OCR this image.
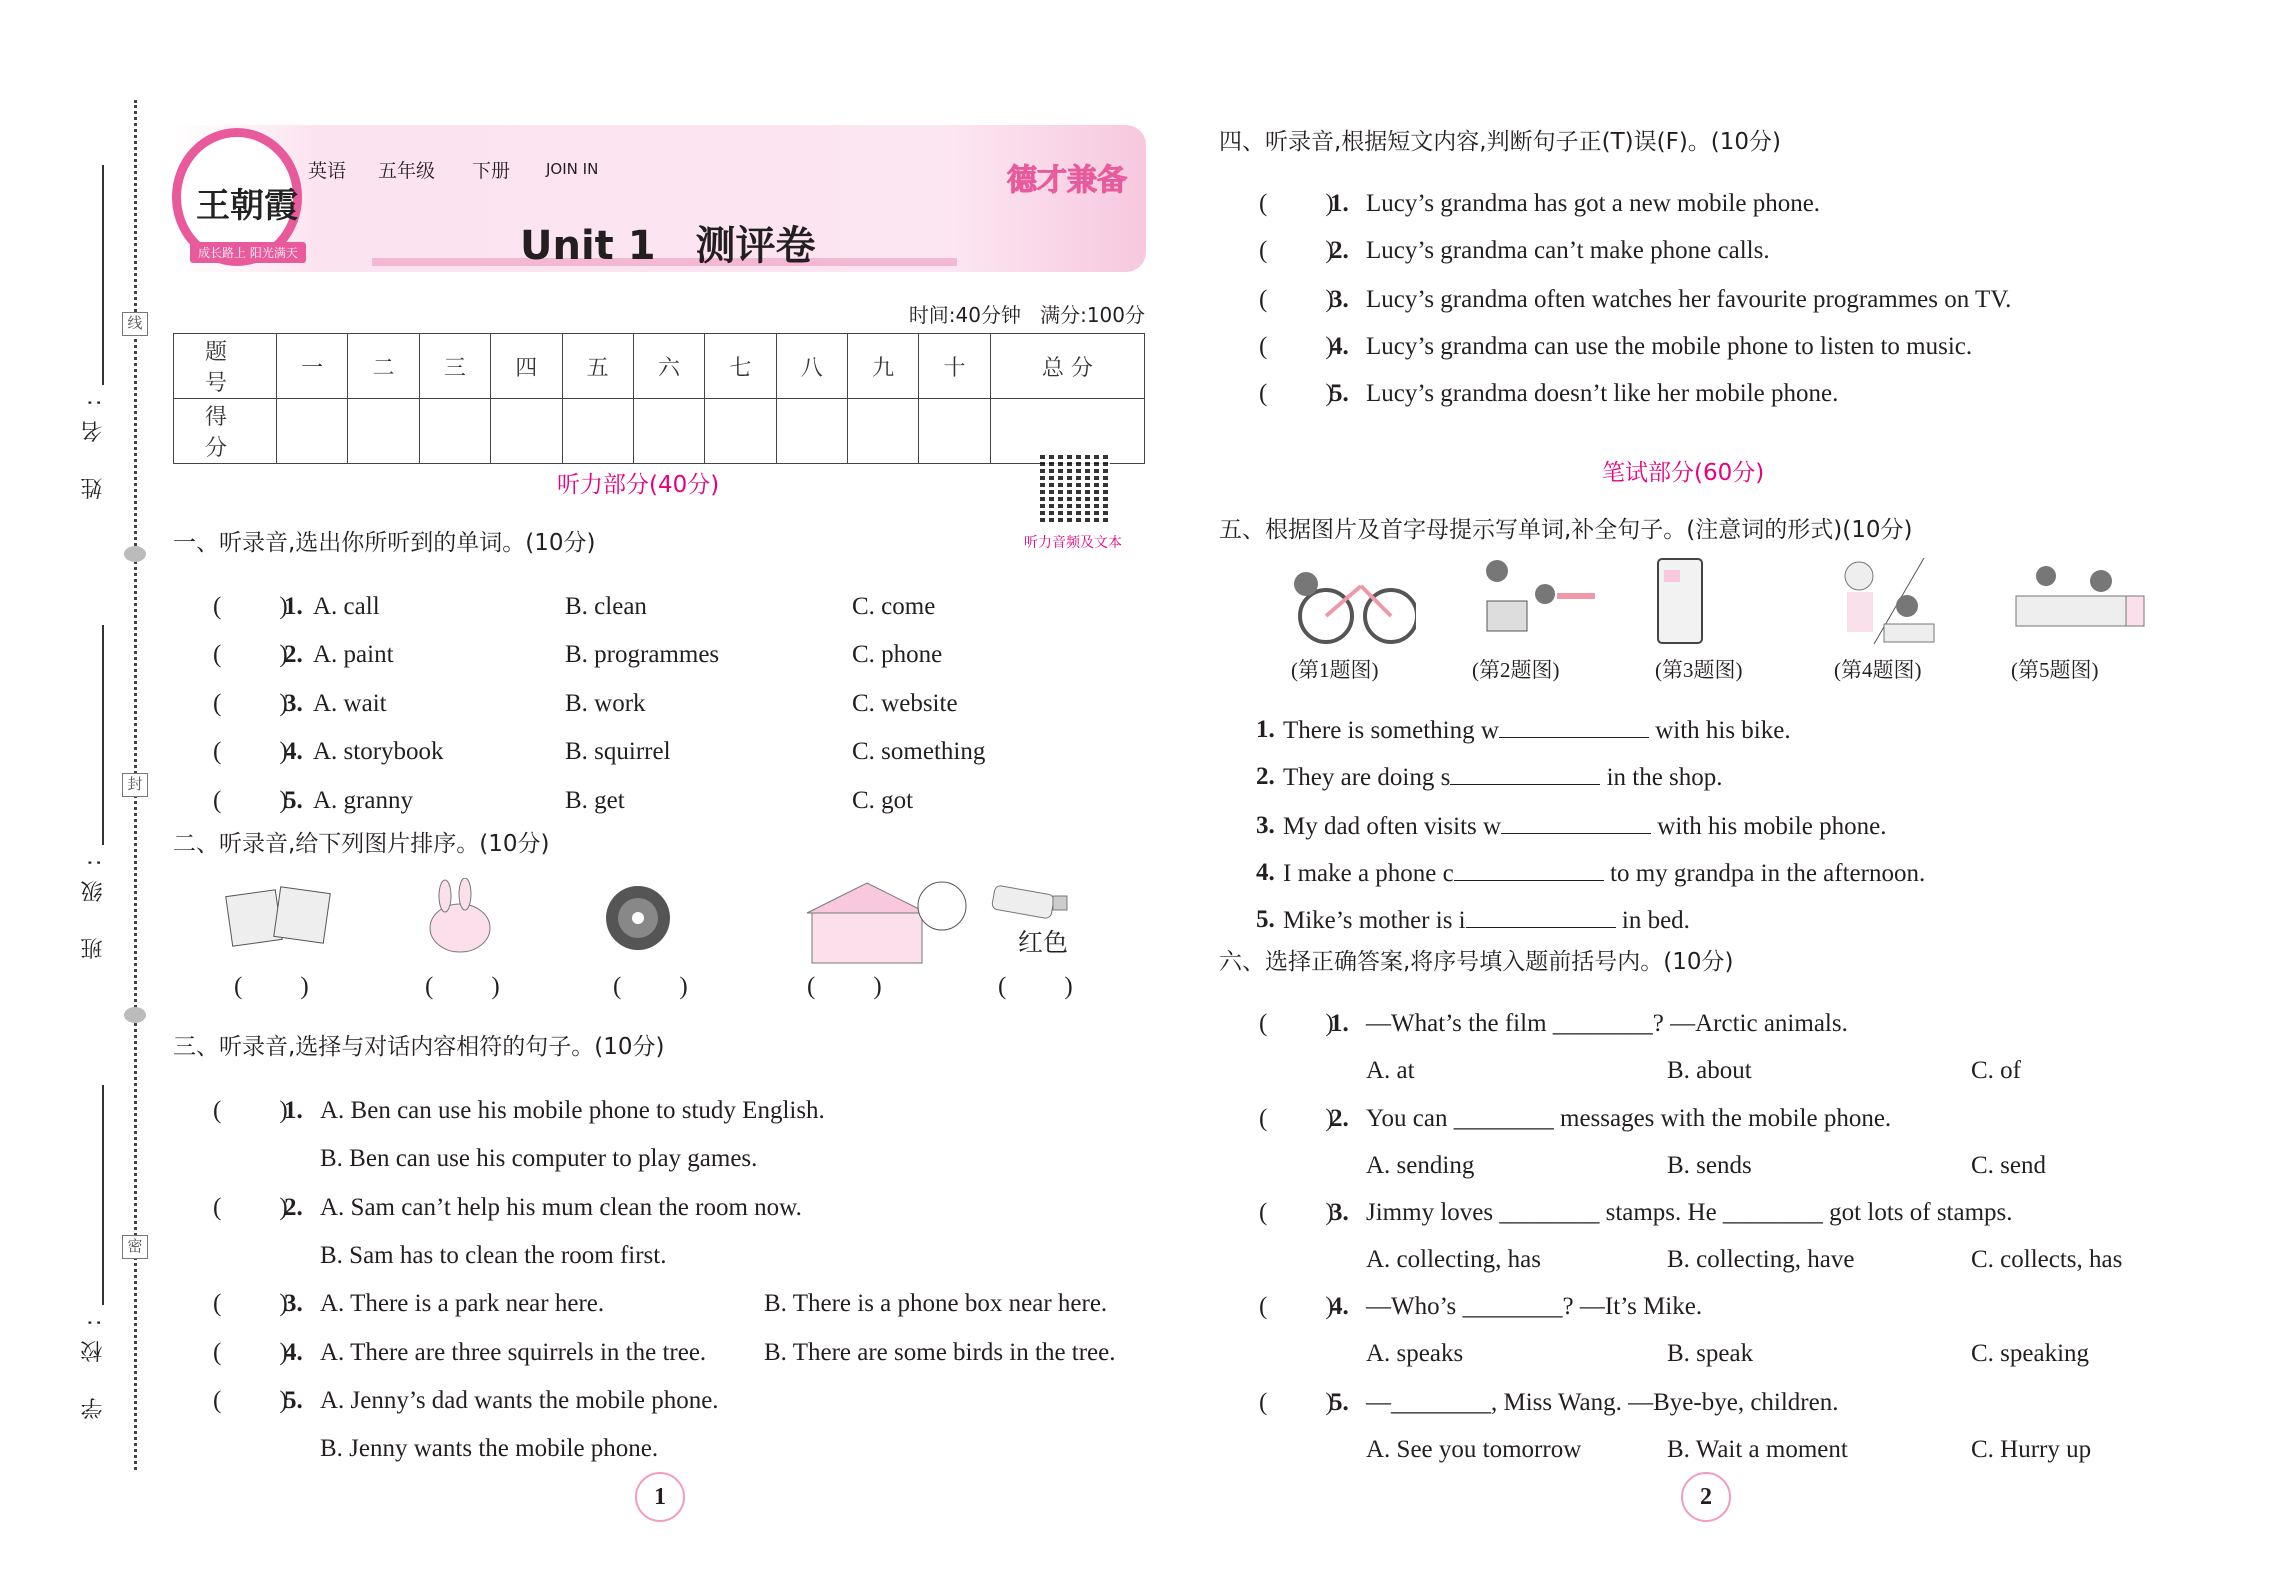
姓 名:
班 级:
学 校:
线
封
密
王朝霞
成长路上 阳光满天
英语 五年级 下册 JOIN IN	德才兼备
Unit 1　测评卷
时间:40分钟 满分:100分
题 号	一	二	三	四	五	六	七	八	九	十	总 分
得 分											
听力部分(40分)
听力音频及文本
笔试部分(60分)
一、听录音,选出你所听到的单词。(10分)
( )
1. A. call	B. clean	C. come
( )
2. A. paint	B. programmes	C. phone
( )
3. A. wait	B. work	C. website
( )
4. A. storybook	B. squirrel	C. something
( )
5. A. granny	B. get	C. got
二、听录音,给下列图片排序。(10分)
( )
( )
( )
( )
( )
红色
三、听录音,选择与对话内容相符的句子。(10分)
( )
1. A. Ben can use his mobile phone to study English.
B. Ben can use his computer to play games.
( )
2. A. Sam can’t help his mum clean the room now.
B. Sam has to clean the room first.
( )
3. A. There is a park near here.	B. There is a phone box near here.
( )
4. A. There are three squirrels in the tree. B. There are some birds in the tree.
( )
5. A. Jenny’s dad wants the mobile phone.
B. Jenny wants the mobile phone.
四、听录音,根据短文内容,判断句子正(T)误(F)。(10分)
( )
1. Lucy’s grandma has got a new mobile phone.
( )
2. Lucy’s grandma can’t make phone calls.
( )
3. Lucy’s grandma often watches her favourite programmes on TV.
( )
4. Lucy’s grandma can use the mobile phone to listen to music.
( )
5. Lucy’s grandma doesn’t like her mobile phone.
五、根据图片及首字母提示写单词,补全句子。(注意词的形式)(10分)
(第1题图)	(第2题图)	(第3题图)	(第4题图)	(第5题图)
1. There is something w	with his bike.
2. They are doing s	in the shop.
3. My dad often visits w	with his mobile phone.
4. I make a phone c	to my grandpa in the afternoon.
5. Mike’s mother is i	in bed.
六、选择正确答案,将序号填入题前括号内。(10分)
( )
1. —What’s the film ________? —Arctic animals.
A. at	B. about	C. of
( )
2. You can ________ messages with the mobile phone.
A. sending	B. sends	C. send
( )
3. Jimmy loves ________ stamps. He ________ got lots of stamps.
A. collecting, has	B. collecting, have	C. collects, has
( )
4. —Who’s ________? —It’s Mike.
A. speaks	B. speak	C. speaking
( )
5. —________, Miss Wang. —Bye-bye, children.
A. See you tomorrow	B. Wait a moment	C. Hurry up
1	2
